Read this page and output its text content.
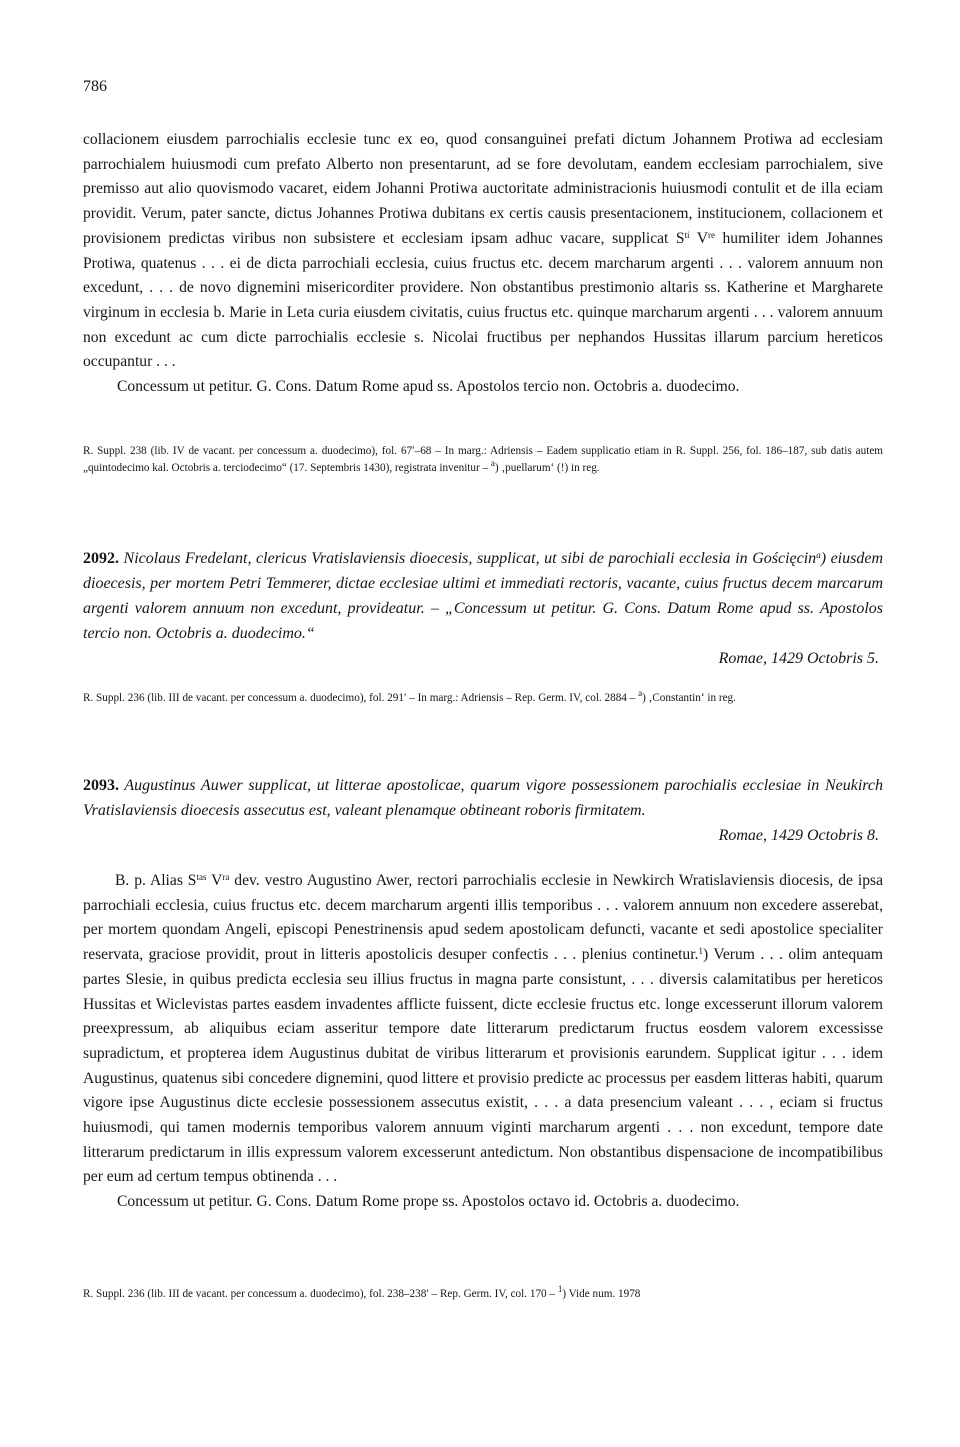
786

collacionem eiusdem parrochialis ecclesie tunc ex eo, quod consanguinei prefati dictum Johannem Protiwa ad ecclesiam parrochialem huiusmodi cum prefato Alberto non presentarunt, ad se fore devolutam, eandem ecclesiam parrochialem, sive premisso aut alio quovismodo vacaret, eidem Johanni Protiwa auctoritate administracionis huiusmodi contulit et de illa eciam providit. Verum, pater sancte, dictus Johannes Protiwa dubitans ex certis causis presentacionem, institucionem, collacionem et provisionem predictas viribus non subsistere et ecclesiam ipsam adhuc vacare, supplicat $S^{ti}$ Vre humiliter idem Johannes Protiwa, quatenus . . . ei de dicta parrochiali ecclesia, cuius fructus etc. decem marcharum argenti . . . valorem annuum non excedunt, . . . de novo dignemini misericorditer providere. Non obstantibus prestimonio altaris ss. Katherine et Margharete virginum in ecclesia b. Marie in Leta curia eiusdem civitatis, cuius fructus etc. quinque marcharum argenti . . . valorem annuum non excedunt ac cum dicte parrochialis ecclesie s. Nicolai fructibus per nephandos Hussitas illarum parcium hereticos occupantur . . .

Concessum ut petitur. G. Cons. Datum Rome apud ss. Apostolos tercio non. Octobris a. duodecimo.

R. Suppl. 238 (lib. IV de vacant. per concessum a. duodecimo), fol. 67′–68 – In marg.: Adriensis – Eadem supplicatio etiam in R. Suppl. 256, fol. 186–187, sub datis autem „quintodecimo kal. Octobris a. terciodecimo“ (17. Septembris 1430), registrata invenitur – $^a$) ‚puellarum‘ (!) in reg.

2092. Nicolaus Fredelant, clericus Vratislaviensis dioecesis, supplicat, ut sibi de parochiali ecclesia in Gościęcin$^a$) eiusdem dioecesis, per mortem Petri Temmerer, dictae ecclesiae ultimi et immediati rectoris, vacante, cuius fructus decem marcarum argenti valorem annuum non excedunt, provideatur. – „Concessum ut petitur. G. Cons. Datum Rome apud ss. Apostolos tercio non. Octobris a. duodecimo.“

Romae, 1429 Octobris 5.

R. Suppl. 236 (lib. III de vacant. per concessum a. duodecimo), fol. 291′ – In marg.: Adriensis – Rep. Germ. IV, col. 2884 – $^a$) ‚Constantin‘ in reg.

2093. Augustinus Auwer supplicat, ut litterae apostolicae, quarum vigore possessionem parochialis ecclesiae in Neukirch Vratislaviensis dioecesis assecutus est, valeant plenamque obtineant roboris firmitatem.

Romae, 1429 Octobris 8.

B. p. Alias $S^{tas}$ $V^{ra}$ dev. vestro Augustino Awer, rectori parrochialis ecclesie in Newkirch Wratislaviensis diocesis, de ipsa parrochiali ecclesia, cuius fructus etc. decem marcharum argenti illis temporibus . . . valorem annuum non excedere asserebat, per mortem quondam Angeli, episcopi Penestrinensis apud sedem apostolicam defuncti, vacante et sedi apostolice specialiter reservata, graciose providit, prout in litteris apostolicis desuper confectis . . . plenius continetur.$^1$) Verum . . . olim antequam partes Slesie, in quibus predicta ecclesia seu illius fructus in magna parte consistunt, . . . diversis calamitatibus per hereticos Hussitas et Wiclevistas partes easdem invadentes afflicte fuissent, dicte ecclesie fructus etc. longe excesserunt illorum valorem preexpressum, ab aliquibus eciam asseritur tempore date litterarum predictarum fructus eosdem valorem excessisse supradictum, et propterea idem Augustinus dubitat de viribus litterarum et provisionis earundem. Supplicat igitur . . . idem Augustinus, quatenus sibi concedere dignemini, quod littere et provisio predicte ac processus per easdem litteras habiti, quarum vigore ipse Augustinus dicte ecclesie possessionem assecutus existit, . . . a data presencium valeant . . . , eciam si fructus huiusmodi, qui tamen modernis temporibus valorem annuum viginti marcharum argenti . . . non excedunt, tempore date litterarum predictarum in illis expressum valorem excesserunt antedictum. Non obstantibus dispensacione de incompatibilibus per eum ad certum tempus obtinenda . . .

Concessum ut petitur. G. Cons. Datum Rome prope ss. Apostolos octavo id. Octobris a. duodecimo.

R. Suppl. 236 (lib. III de vacant. per concessum a. duodecimo), fol. 238–238′ – Rep. Germ. IV, col. 170 – $^1$) Vide num. 1978
